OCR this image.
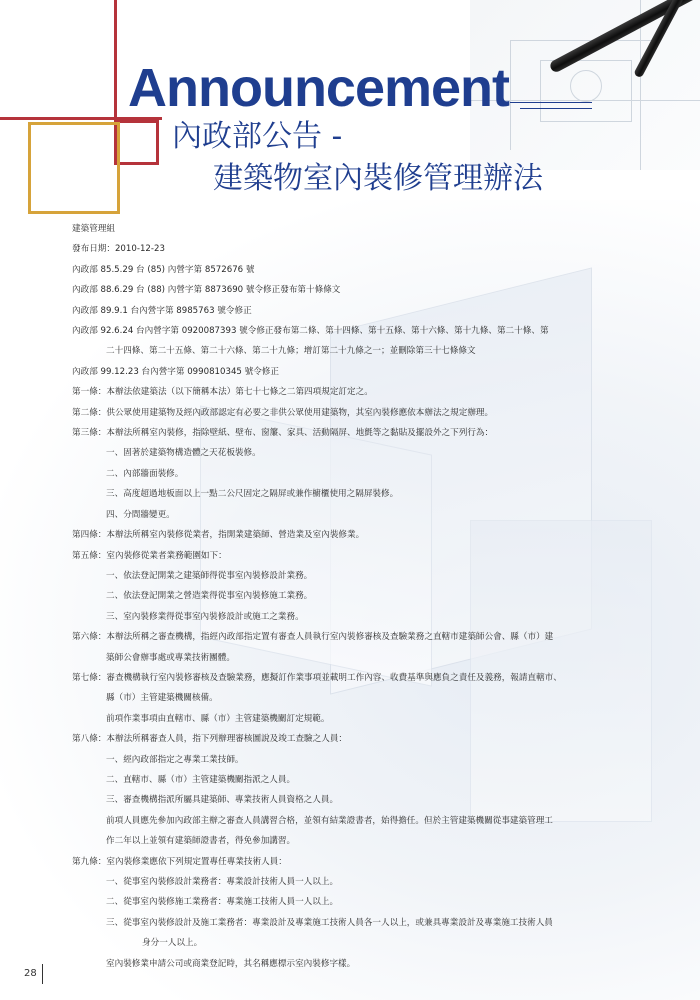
Announcement
內政部公告 -
建築物室內裝修管理辦法
建築管理組
發布日期：2010-12-23
內政部 85.5.29 台 (85) 內營字第 8572676 號
內政部 88.6.29 台 (88) 內營字第 8873690 號令修正發布第十條條文
內政部 89.9.1 台內營字第 8985763 號令修正
內政部 92.6.24 台內營字第 0920087393 號令修正發布第二條、第十四條、第十五條、第十六條、第十九條、第二十條、第
二十四條、第二十五條、第二十六條、第二十九條；增訂第二十九條之一；並刪除第三十七條條文
內政部 99.12.23 台內營字第 0990810345 號令修正
第一條：本辦法依建築法（以下簡稱本法）第七十七條之二第四項規定訂定之。
第二條：供公眾使用建築物及經內政部認定有必要之非供公眾使用建築物，其室內裝修應依本辦法之規定辦理。
第三條：本辦法所稱室內裝修，指除壁紙、壁布、窗簾、家具、活動隔屏、地氈等之黏貼及擺設外之下列行為：
一、固著於建築物構造體之天花板裝修。
二、內部牆面裝修。
三、高度超過地板面以上一點二公尺固定之隔屏或兼作櫥櫃使用之隔屏裝修。
四、分間牆變更。
第四條：本辦法所稱室內裝修從業者，指開業建築師、營造業及室內裝修業。
第五條：室內裝修從業者業務範圍如下：
一、依法登記開業之建築師得從事室內裝修設計業務。
二、依法登記開業之營造業得從事室內裝修施工業務。
三、室內裝修業得從事室內裝修設計或施工之業務。
第六條：本辦法所稱之審查機構，指經內政部指定置有審查人員執行室內裝修審核及查驗業務之直轄市建築師公會、縣（市）建
築師公會辦事處或專業技術團體。
第七條：審查機構執行室內裝修審核及查驗業務，應擬訂作業事項並載明工作內容、收費基準與應負之責任及義務，報請直轄市、
縣（市）主管建築機關核備。
前項作業事項由直轄市、縣（市）主管建築機關訂定規範。
第八條：本辦法所稱審查人員，指下列辦理審核圖說及竣工查驗之人員：
一、經內政部指定之專業工業技師。
二、直轄市、縣（市）主管建築機關指派之人員。
三、審查機構指派所屬具建築師、專業技術人員資格之人員。
前項人員應先參加內政部主辦之審查人員講習合格，並領有結業證書者，始得擔任。但於主管建築機關從事建築管理工
作二年以上並領有建築師證書者，得免參加講習。
第九條：室內裝修業應依下列規定置專任專業技術人員：
一、從事室內裝修設計業務者：專業設計技術人員一人以上。
二、從事室內裝修施工業務者：專業施工技術人員一人以上。
三、從事室內裝修設計及施工業務者：專業設計及專業施工技術人員各一人以上，或兼具專業設計及專業施工技術人員
身分一人以上。
室內裝修業申請公司或商業登記時，其名稱應標示室內裝修字樣。
28
